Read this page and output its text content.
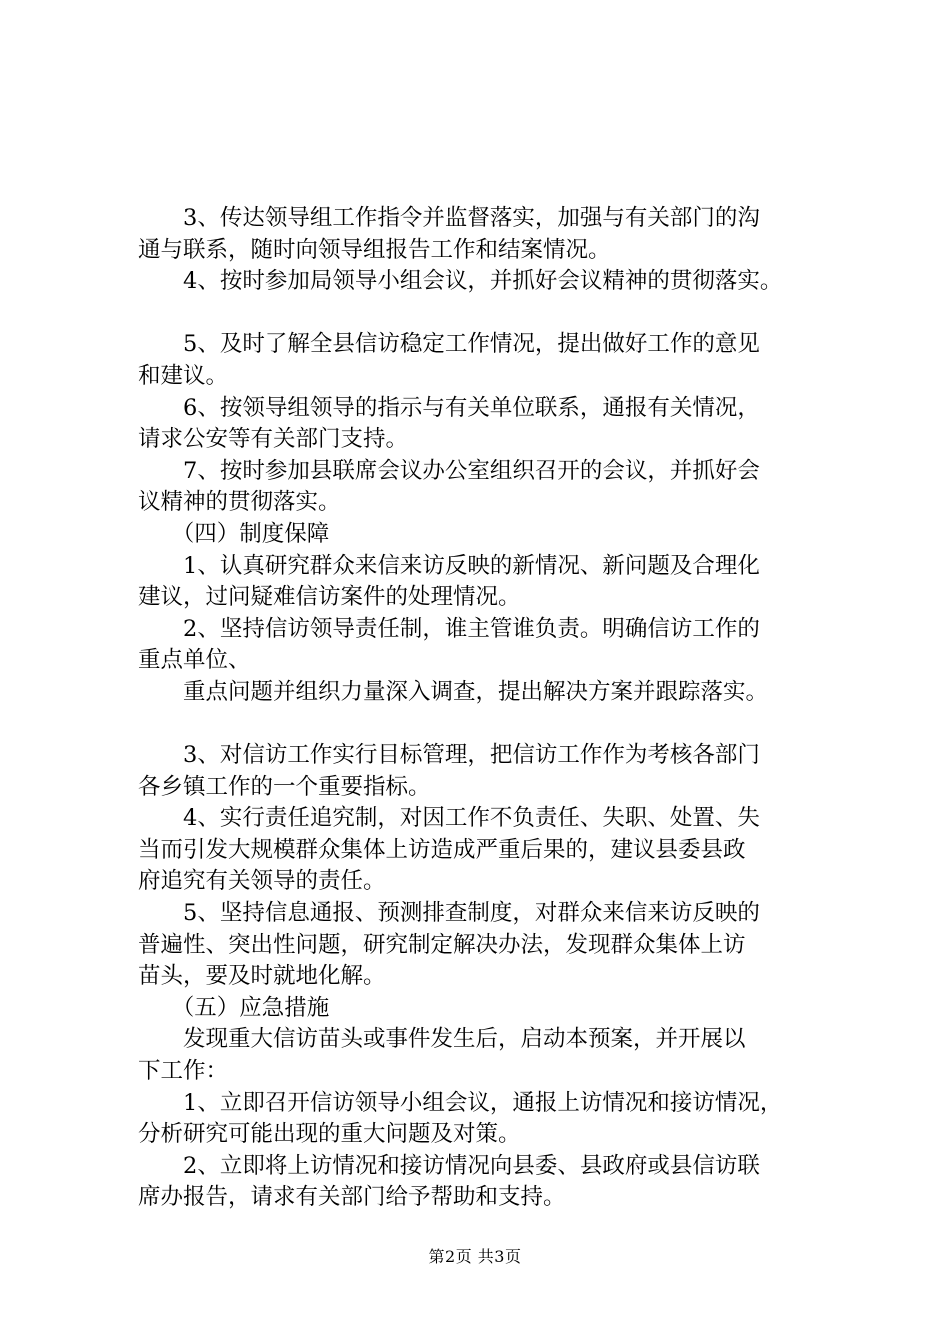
　　3、传达领导组工作指令并监督落实，加强与有关部门的沟
通与联系，随时向领导组报告工作和结案情况。
　　4、按时参加局领导小组会议，并抓好会议精神的贯彻落实。
　　5、及时了解全县信访稳定工作情况，提出做好工作的意见
和建议。
　　6、按领导组领导的指示与有关单位联系，通报有关情况，
请求公安等有关部门支持。
　　7、按时参加县联席会议办公室组织召开的会议，并抓好会
议精神的贯彻落实。
　　（四）制度保障
　　1、认真研究群众来信来访反映的新情况、新问题及合理化
建议，过问疑难信访案件的处理情况。
　　2、坚持信访领导责任制，谁主管谁负责。明确信访工作的
重点单位、
　　重点问题并组织力量深入调查，提出解决方案并跟踪落实。
　　3、对信访工作实行目标管理，把信访工作作为考核各部门
各乡镇工作的一个重要指标。
　　4、实行责任追究制，对因工作不负责任、失职、处置、失
当而引发大规模群众集体上访造成严重后果的，建议县委县政
府追究有关领导的责任。
　　5、坚持信息通报、预测排查制度，对群众来信来访反映的
普遍性、突出性问题，研究制定解决办法，发现群众集体上访
苗头，要及时就地化解。
　　（五）应急措施
　　发现重大信访苗头或事件发生后，启动本预案，并开展以
下工作：
　　1、立即召开信访领导小组会议，通报上访情况和接访情况，
分析研究可能出现的重大问题及对策。
　　2、立即将上访情况和接访情况向县委、县政府或县信访联
席办报告，请求有关部门给予帮助和支持。
第2页 共3页
